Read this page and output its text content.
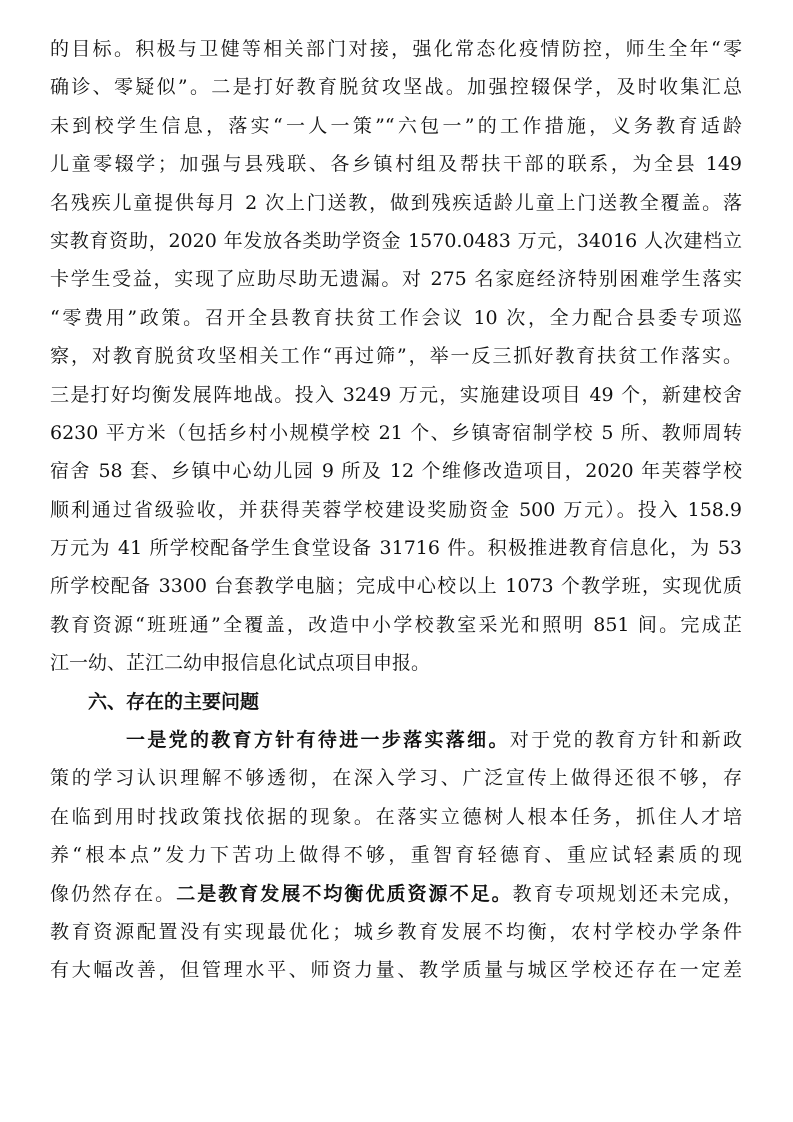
的目标。积极与卫健等相关部门对接，强化常态化疫情防控，师生全年“零
确诊、零疑似”。二是打好教育脱贫攻坚战。加强控辍保学，及时收集汇总
未到校学生信息，落实“一人一策”“六包一”的工作措施，义务教育适龄
儿童零辍学；加强与县残联、各乡镇村组及帮扶干部的联系，为全县 149
名残疾儿童提供每月 2 次上门送教，做到残疾适龄儿童上门送教全覆盖。落
实教育资助，2020 年发放各类助学资金 1570.0483 万元，34016 人次建档立
卡学生受益，实现了应助尽助无遗漏。对 275 名家庭经济特别困难学生落实
“零费用”政策。召开全县教育扶贫工作会议 10 次，全力配合县委专项巡
察，对教育脱贫攻坚相关工作“再过筛”，举一反三抓好教育扶贫工作落实。
三是打好均衡发展阵地战。投入 3249 万元，实施建设项目 49 个，新建校舍
6230 平方米（包括乡村小规模学校 21 个、乡镇寄宿制学校 5 所、教师周转
宿舍 58 套、乡镇中心幼儿园 9 所及 12 个维修改造项目，2020 年芙蓉学校
顺利通过省级验收，并获得芙蓉学校建设奖励资金 500 万元）。投入 158.9
万元为 41 所学校配备学生食堂设备 31716 件。积极推进教育信息化，为 53
所学校配备 3300 台套教学电脑；完成中心校以上 1073 个教学班，实现优质
教育资源“班班通”全覆盖，改造中小学校教室采光和照明 851 间。完成芷
江一幼、芷江二幼申报信息化试点项目申报。
六、存在的主要问题
一是党的教育方针有待进一步落实落细。对于党的教育方针和新政
策的学习认识理解不够透彻，在深入学习、广泛宣传上做得还很不够，存
在临到用时找政策找依据的现象。在落实立德树人根本任务，抓住人才培
养“根本点”发力下苦功上做得不够，重智育轻德育、重应试轻素质的现
像仍然存在。二是教育发展不均衡优质资源不足。教育专项规划还未完成，
教育资源配置没有实现最优化；城乡教育发展不均衡，农村学校办学条件
有大幅改善，但管理水平、师资力量、教学质量与城区学校还存在一定差
